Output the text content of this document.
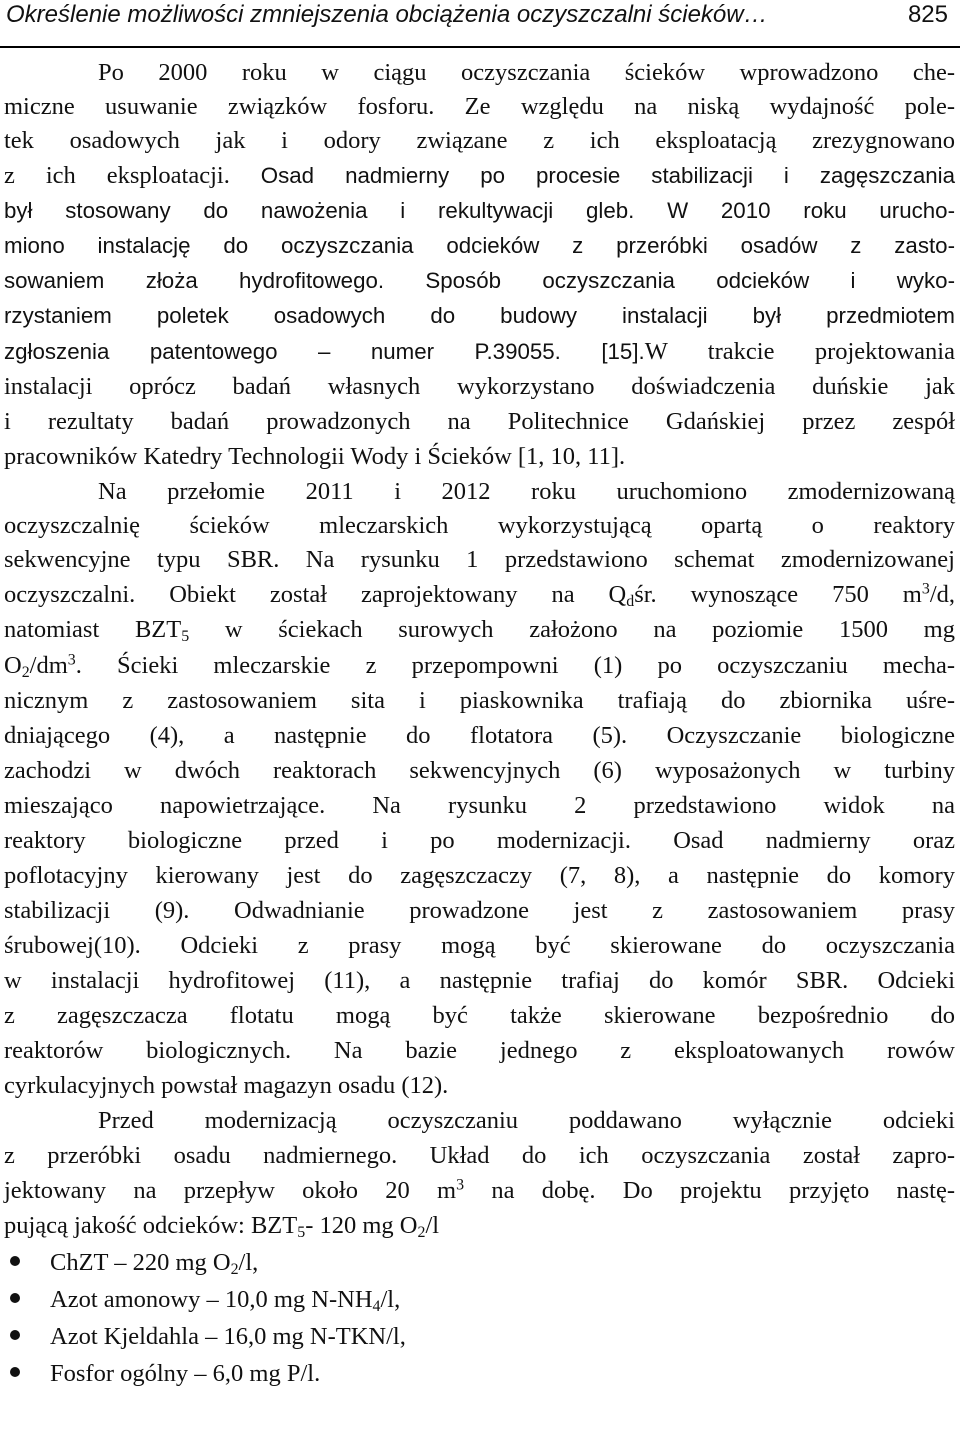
Określenie możliwości zmniejszenia obciążenia oczyszczalni ścieków…	825
Po 2000 roku w ciągu oczyszczania ścieków wprowadzono che-
miczne usuwanie związków fosforu. Ze względu na niską wydajność pole-
tek osadowych jak i odory związane z ich eksploatacją zrezygnowano
z ich eksploatacji. Osad nadmierny po procesie stabilizacji i zagęszczania
był stosowany do nawożenia i rekultywacji gleb. W 2010 roku urucho-
miono instalację do oczyszczania odcieków z przeróbki osadów z zasto-
sowaniem złoża hydrofitowego. Sposób oczyszczania odcieków i wyko-
rzystaniem poletek osadowych do budowy instalacji był przedmiotem
zgłoszenia patentowego – numer P.39055. [15].W trakcie projektowania
instalacji oprócz badań własnych wykorzystano doświadczenia duńskie jak
i rezultaty badań prowadzonych na Politechnice Gdańskiej przez zespół
pracowników Katedry Technologii Wody i Ścieków [1, 10, 11].
Na przełomie 2011 i 2012 roku uruchomiono zmodernizowaną
oczyszczalnię ścieków mleczarskich wykorzystującą opartą o reaktory
sekwencyjne typu SBR. Na rysunku 1 przedstawiono schemat zmodernizowanej
oczyszczalni. Obiekt został zaprojektowany na $Q_dśr$. wynoszące 750 $m^3/d$,
natomiast $BZT_5$ w ściekach surowych założono na poziomie 1500 mg
$O_2/dm^3$. Ścieki mleczarskie z przepompowni (1) po oczyszczaniu mecha-
nicznym z zastosowaniem sita i piaskownika trafiają do zbiornika uśre-
dniającego (4), a następnie do flotatora (5). Oczyszczanie biologiczne
zachodzi w dwóch reaktorach sekwencyjnych (6) wyposażonych w turbiny
mieszająco napowietrzające. Na rysunku 2 przedstawiono widok na
reaktory biologiczne przed i po modernizacji. Osad nadmierny oraz
poflotacyjny kierowany jest do zagęszczaczy (7, 8), a następnie do komory
stabilizacji (9). Odwadnianie prowadzone jest z zastosowaniem prasy
śrubowej(10). Odcieki z prasy mogą być skierowane do oczyszczania
w instalacji hydrofitowej (11), a następnie trafiaj do komór SBR. Odcieki
z zagęszczacza flotatu mogą być także skierowane bezpośrednio do
reaktorów biologicznych. Na bazie jednego z eksploatowanych rowów
cyrkulacyjnych powstał magazyn osadu (12).
Przed modernizacją oczyszczaniu poddawano wyłącznie odcieki
z przeróbki osadu nadmiernego. Układ do ich oczyszczania został zapro-
jektowany na przepływ około 20 $m^3$ na dobę. Do projektu przyjęto nastę-
pującą jakość odcieków: $BZT_5-$ 120 mg $O_2/l$
ChZT – 220 mg $O_2/l$,
Azot amonowy – 10,0 mg $N-NH_4/l$,
Azot Kjeldahla – 16,0 mg N-TKN/l,
Fosfor ogólny – 6,0 mg P/l.
